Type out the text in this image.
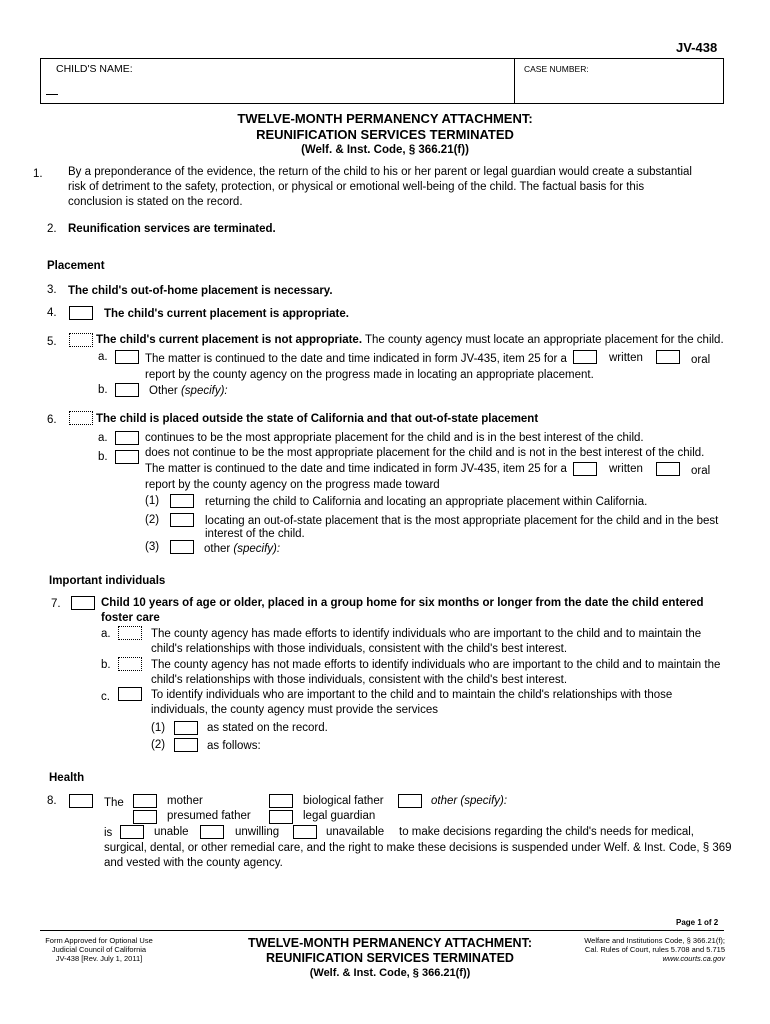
JV-438
CHILD'S NAME:	CASE NUMBER:
TWELVE-MONTH PERMANENCY ATTACHMENT:
REUNIFICATION SERVICES TERMINATED
(Welf. & Inst. Code, § 366.21(f))
1. By a preponderance of the evidence, the return of the child to his or her parent or legal guardian would create a substantial
risk of detriment to the safety, protection, or physical or emotional well-being of the child. The factual basis for this
conclusion is stated on the record.
2. Reunification services are terminated.
Placement
3. The child's out-of-home placement is necessary.
4.	The child's current placement is appropriate.
5.	The child's current placement is not appropriate. The county agency must locate an appropriate placement for the child.
a.	The matter is continued to the date and time indicated in form JV-435, item 25 for a	written	oral
report by the county agency on the progress made in locating an appropriate placement.
b.	Other (specify):
6.	The child is placed outside the state of California and that out-of-state placement
a.	continues to be the most appropriate placement for the child and is in the best interest of the child.
b.	does not continue to be the most appropriate placement for the child and is not in the best interest of the child.
The matter is continued to the date and time indicated in form JV-435, item 25 for a	written	oral
report by the county agency on the progress made toward
(1)	returning the child to California and locating an appropriate placement within California.
(2)	locating an out-of-state placement that is the most appropriate placement for the child and in the best
interest of the child.
(3)	other (specify):
Important individuals
7.	Child 10 years of age or older, placed in a group home for six months or longer from the date the child entered
foster care
a.	The county agency has made efforts to identify individuals who are important to the child and to maintain the
child's relationships with those individuals, consistent with the child's best interest.
b.	The county agency has not made efforts to identify individuals who are important to the child and to maintain the
child's relationships with those individuals, consistent with the child's best interest.
c.	To identify individuals who are important to the child and to maintain the child's relationships with those
individuals, the county agency must provide the services
(1)	as stated on the record.
(2)	as follows:
Health
8.	The	mother	biological father	other (specify):
presumed father	legal guardian
is	unable	unwilling	unavailable to make decisions regarding the child's needs for medical,
surgical, dental, or other remedial care, and the right to make these decisions is suspended under Welf. & Inst. Code, § 369
and vested with the county agency.
Page 1 of 2
Form Approved for Optional Use
Judicial Council of California
JV-438 [Rev. July 1, 2011]
TWELVE-MONTH PERMANENCY ATTACHMENT:
REUNIFICATION SERVICES TERMINATED
(Welf. & Inst. Code, § 366.21(f))
Welfare and Institutions Code, § 366.21(f);
Cal. Rules of Court, rules 5.708 and 5.715
www.courts.ca.gov
